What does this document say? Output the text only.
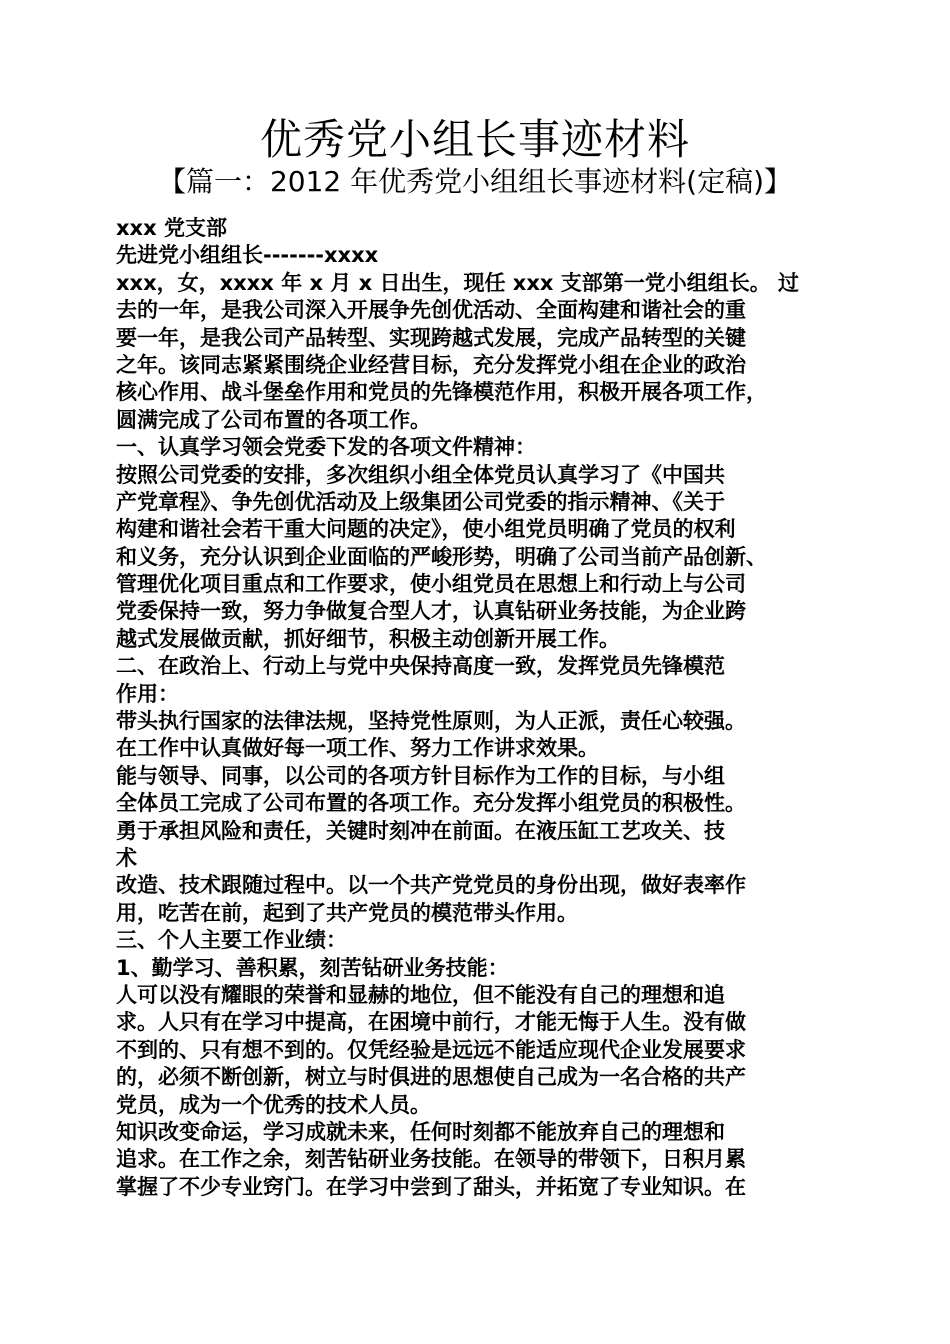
优秀党小组长事迹材料
【篇一：2012 年优秀党小组组长事迹材料(定稿)】
xxx 党支部
先进党小组组长-------xxxx
xxx，女，xxxx 年 x 月 x 日出生，现任 xxx 支部第一党小组组长。 过
去的一年，是我公司深入开展争先创优活动、全面构建和谐社会的重
要一年，是我公司产品转型、实现跨越式发展，完成产品转型的关键
之年。该同志紧紧围绕企业经营目标，充分发挥党小组在企业的政治
核心作用、战斗堡垒作用和党员的先锋模范作用，积极开展各项工作，
圆满完成了公司布置的各项工作。
一、认真学习领会党委下发的各项文件精神：
按照公司党委的安排，多次组织小组全体党员认真学习了《中国共
产党章程》、争先创优活动及上级集团公司党委的指示精神、《关于
构建和谐社会若干重大问题的决定》，使小组党员明确了党员的权利
和义务，充分认识到企业面临的严峻形势，明确了公司当前产品创新、
管理优化项目重点和工作要求，使小组党员在思想上和行动上与公司
党委保持一致，努力争做复合型人才，认真钻研业务技能，为企业跨
越式发展做贡献，抓好细节，积极主动创新开展工作。
二、在政治上、行动上与党中央保持高度一致，发挥党员先锋模范
作用：
带头执行国家的法律法规，坚持党性原则，为人正派，责任心较强。
在工作中认真做好每一项工作、努力工作讲求效果。
能与领导、同事，以公司的各项方针目标作为工作的目标，与小组
全体员工完成了公司布置的各项工作。充分发挥小组党员的积极性。
勇于承担风险和责任，关键时刻冲在前面。在液压缸工艺攻关、技
术
改造、技术跟随过程中。以一个共产党党员的身份出现，做好表率作
用，吃苦在前，起到了共产党员的模范带头作用。
三、个人主要工作业绩：
1、勤学习、善积累，刻苦钻研业务技能：
人可以没有耀眼的荣誉和显赫的地位，但不能没有自己的理想和追
求。人只有在学习中提高，在困境中前行，才能无悔于人生。没有做
不到的、只有想不到的。仅凭经验是远远不能适应现代企业发展要求
的，必须不断创新，树立与时俱进的思想使自己成为一名合格的共产
党员，成为一个优秀的技术人员。
知识改变命运，学习成就未来，任何时刻都不能放弃自己的理想和
追求。在工作之余，刻苦钻研业务技能。在领导的带领下，日积月累
掌握了不少专业窍门。在学习中尝到了甜头，并拓宽了专业知识。在
